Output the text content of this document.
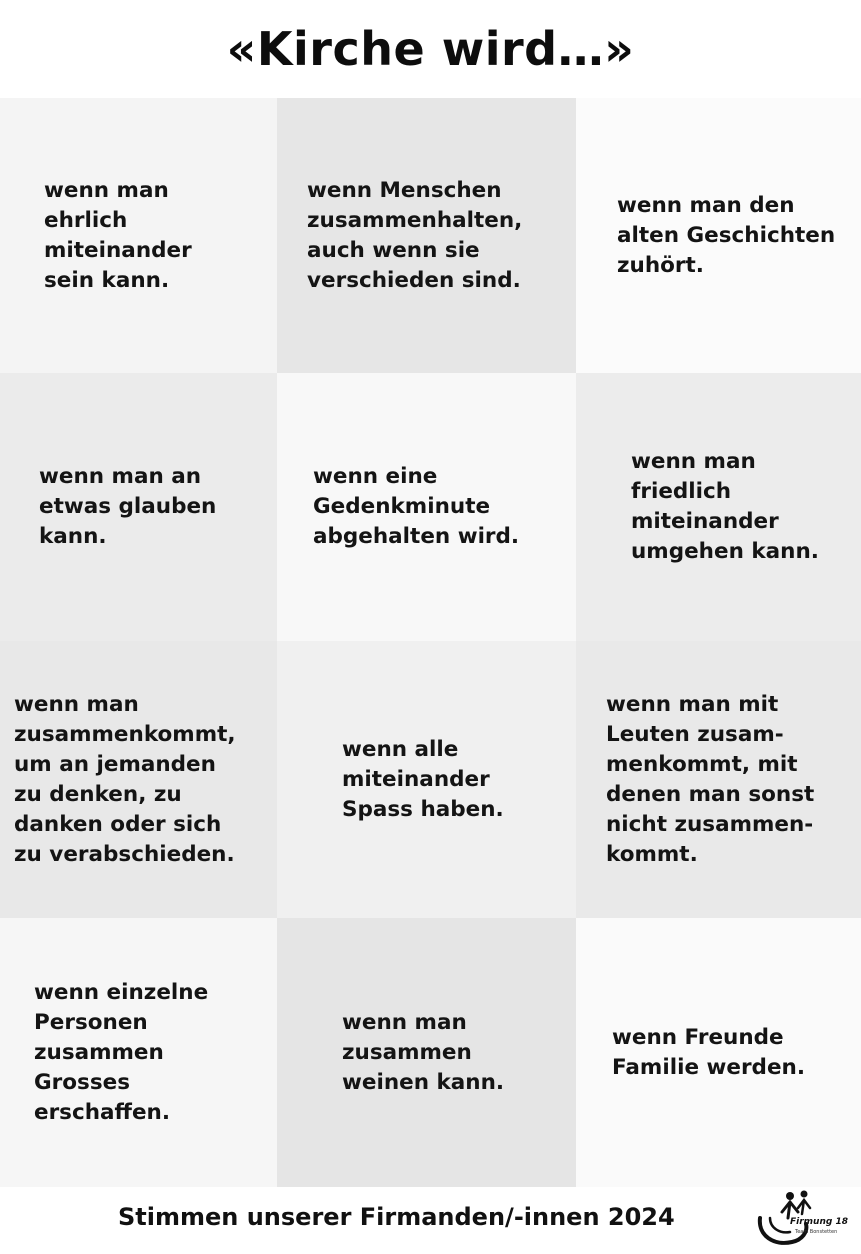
«Kirche wird…»
wenn man
ehrlich
miteinander
sein kann.
wenn Menschen
zusammenhalten,
auch wenn sie
verschieden sind.
wenn man den
alten Geschichten
zuhört.
wenn man an
etwas glauben
kann.
wenn eine
Gedenkminute
abgehalten wird.
wenn man
friedlich
miteinander
umgehen kann.
wenn man
zusammenkommt,
um an jemanden
zu denken, zu
danken oder sich
zu verabschieden.
wenn alle
miteinander
Spass haben.
wenn man mit
Leuten zusam-
menkommt, mit
denen man sonst
nicht zusammen-
kommt.
wenn einzelne
Personen
zusammen
Grosses
erschaffen.
wenn man
zusammen
weinen kann.
wenn Freunde
Familie werden.
Stimmen unserer Firmanden/-innen 2024	Firmung 18
Team Bonstetten
